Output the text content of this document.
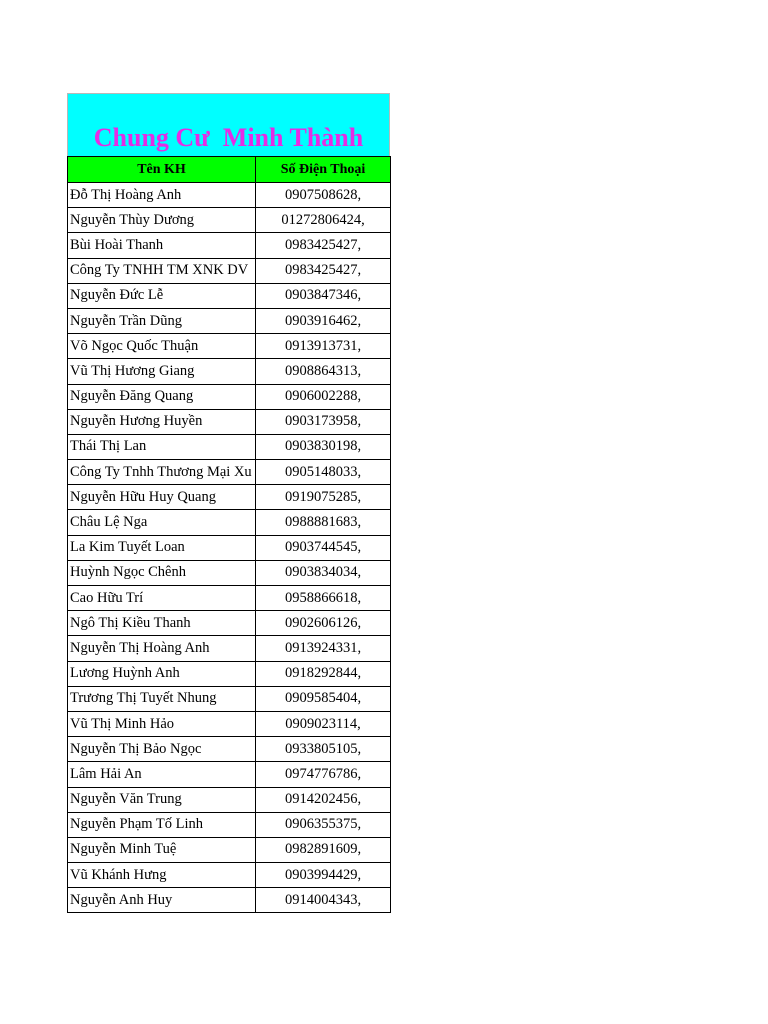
Chung Cư  Minh Thành
Tên KH	Số Điện Thoại
Đỗ Thị Hoàng Anh	0907508628,
Nguyễn Thùy Dương	01272806424,
Bùi Hoài Thanh	0983425427,
Công Ty TNHH TM XNK DV	0983425427,
Nguyễn Đức Lễ	0903847346,
Nguyễn Trần Dũng	0903916462,
Võ Ngọc Quốc Thuận	0913913731,
Vũ Thị Hương Giang	0908864313,
Nguyễn Đăng Quang	0906002288,
Nguyễn Hương Huyền	0903173958,
Thái Thị Lan	0903830198,
Công Ty Tnhh Thương Mại Xu	0905148033,
Nguyễn Hữu Huy Quang	0919075285,
Châu Lệ Nga	0988881683,
La Kim Tuyết Loan	0903744545,
Huỳnh Ngọc Chênh	0903834034,
Cao Hữu Trí	0958866618,
Ngô Thị Kiều Thanh	0902606126,
Nguyễn Thị Hoàng Anh	0913924331,
Lương Huỳnh Anh	0918292844,
Trương Thị Tuyết Nhung	0909585404,
Vũ Thị Minh Hảo	0909023114,
Nguyễn Thị Bảo Ngọc	0933805105,
Lâm Hải An	0974776786,
Nguyễn Văn Trung	0914202456,
Nguyễn Phạm Tố Linh	0906355375,
Nguyễn Minh Tuệ	0982891609,
Vũ Khánh Hưng	0903994429,
Nguyễn Anh Huy	0914004343,
